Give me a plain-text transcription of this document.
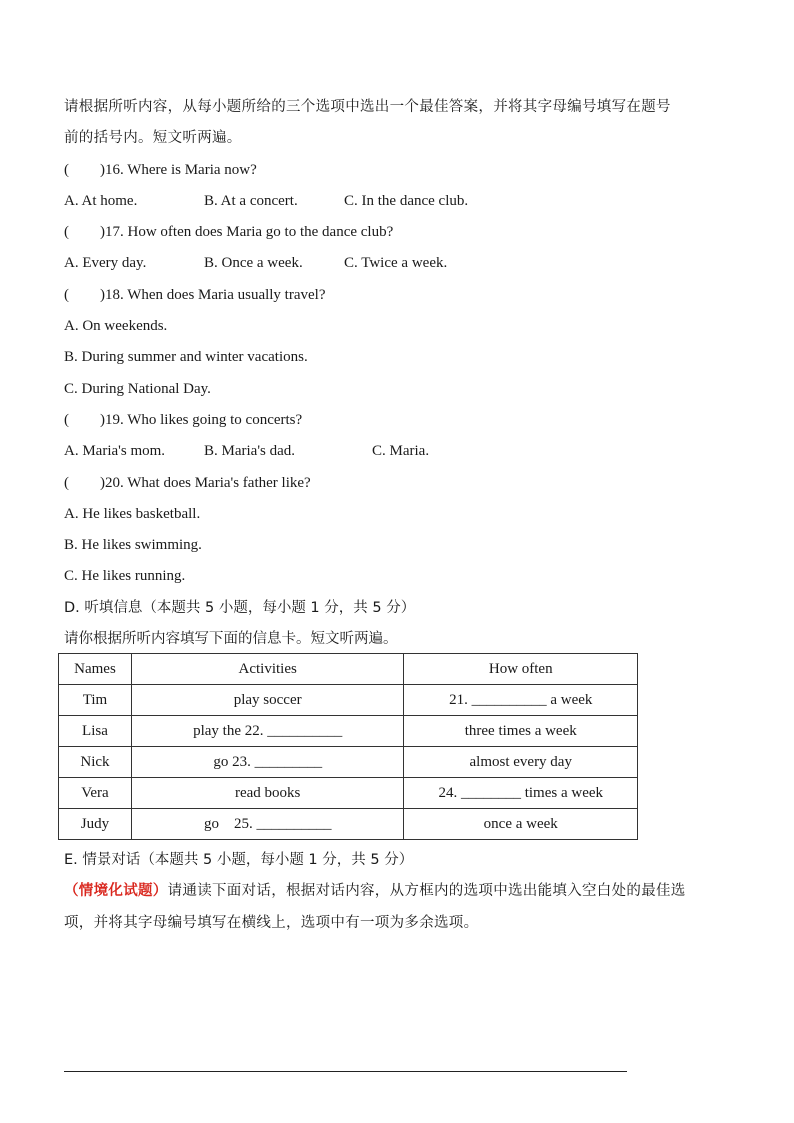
请根据所听内容，从每小题所给的三个选项中选出一个最佳答案，并将其字母编号填写在题号
前的括号内。短文听两遍。
( )16. Where is Maria now?
A. At home.	B. At a concert.	C. In the dance club.
( )17. How often does Maria go to the dance club?
A. Every day.	B. Once a week.	C. Twice a week.
( )18. When does Maria usually travel?
A. On weekends.
B. During summer and winter vacations.
C. During National Day.
( )19. Who likes going to concerts?
A. Maria's mom.	B. Maria's dad.	C. Maria.
( )20. What does Maria's father like?
A. He likes basketball.
B. He likes swimming.
C. He likes running.
D. 听填信息（本题共 5 小题，每小题 1 分，共 5 分）
请你根据所听内容填写下面的信息卡。短文听两遍。
Names	Activities	How often
Tim	play soccer	21. __________ a week
Lisa	play the 22. __________	three times a week
Nick	go 23. _________	almost every day
Vera	read books	24. ________ times a week
Judy	go    25. __________	once a week
E. 情景对话（本题共 5 小题，每小题 1 分，共 5 分）
（情境化试题）请通读下面对话，根据对话内容，从方框内的选项中选出能填入空白处的最佳选
项，并将其字母编号填写在横线上，选项中有一项为多余选项。
